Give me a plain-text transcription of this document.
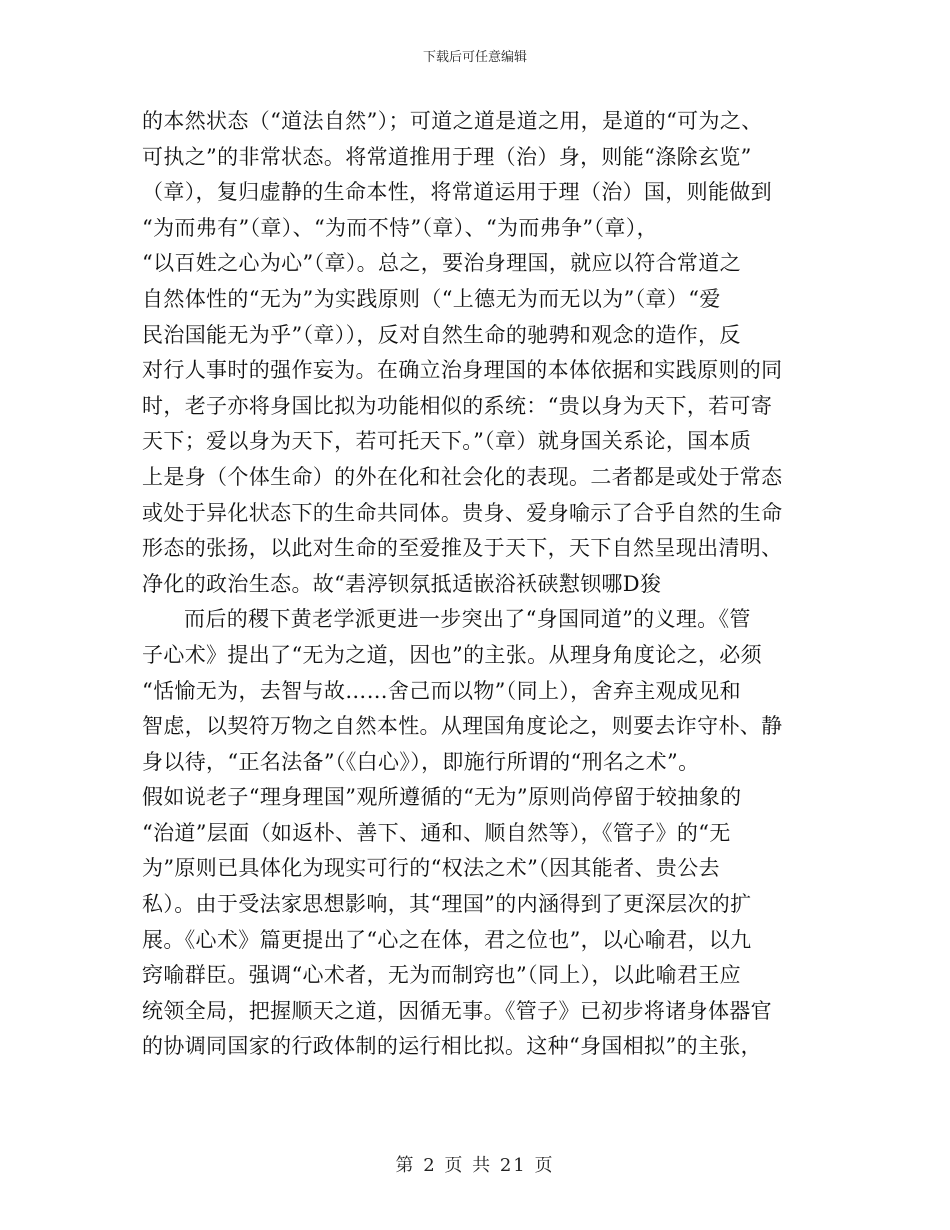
下载后可任意编辑
的本然状态（“道法自然”）；可道之道是道之用，是道的“可为之、
可执之”的非常状态。将常道推用于理（治）身，则能“涤除玄览”
（章），复归虚静的生命本性，将常道运用于理（治）国，则能做到
“为而弗有”（章）、“为而不恃”（章）、“为而弗争”（章），
“以百姓之心为心”（章）。总之，要治身理国，就应以符合常道之
自然体性的“无为”为实践原则（“上德无为而无以为”（章）“爱
民治国能无为乎”（章）），反对自然生命的驰骋和观念的造作，反
对行人事时的强作妄为。在确立治身理国的本体依据和实践原则的同
时，老子亦将身国比拟为功能相似的系统：“贵以身为天下，若可寄
天下；爱以身为天下，若可托天下。”（章）就身国关系论，国本质
上是身（个体生命）的外在化和社会化的表现。二者都是或处于常态
或处于异化状态下的生命共同体。贵身、爱身喻示了合乎自然的生命
形态的张扬，以此对生命的至爱推及于天下，天下自然呈现出清明、
净化的政治生态。故“砉渟钡氛抵适嵌浴袄硖懟钡哪D狻
而后的稷下黄老学派更进一步突出了“身国同道”的义理。《管
子心术》提出了“无为之道，因也”的主张。从理身角度论之，必须
“恬愉无为，去智与故……舍己而以物”（同上），舍弃主观成见和
智虑，以契符万物之自然本性。从理国角度论之，则要去诈守朴、静
身以待，“正名法备”（《白心》），即施行所谓的“刑名之术”。
假如说老子“理身理国”观所遵循的“无为”原则尚停留于较抽象的
“治道”层面（如返朴、善下、通和、顺自然等），《管子》的“无
为”原则已具体化为现实可行的“权法之术”（因其能者、贵公去
私）。由于受法家思想影响，其“理国”的内涵得到了更深层次的扩
展。《心术》篇更提出了“心之在体，君之位也”，以心喻君，以九
窍喻群臣。强调“心术者，无为而制窍也”（同上），以此喻君王应
统领全局，把握顺天之道，因循无事。《管子》已初步将诸身体器官
的协调同国家的行政体制的运行相比拟。这种“身国相拟”的主张，
第 2 页 共 21 页
